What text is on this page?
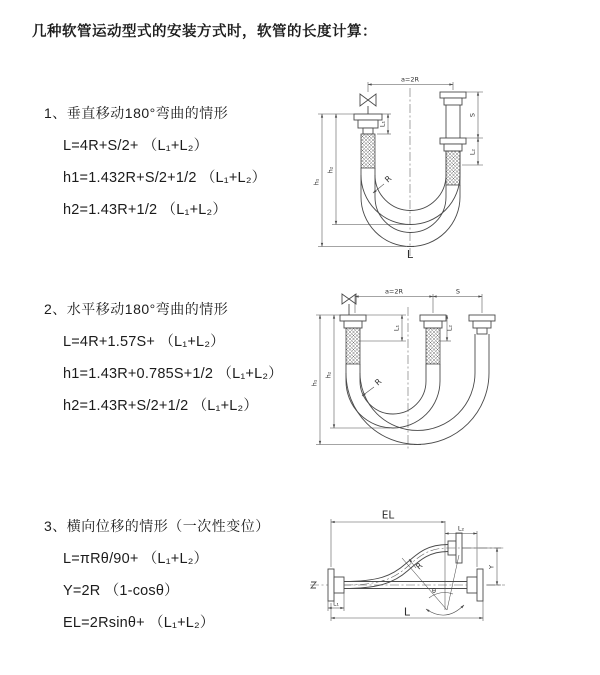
几种软管运动型式的安装方式时，软管的长度计算：
1、垂直移动180°弯曲的情形
L=4R+S/2+ （L₁+L₂）
h1=1.432R+S/2+1/2 （L₁+L₂）
h2=1.43R+1/2 （L₁+L₂）
a=2R
L₁
S
L₂
h₁
h₂
R
L
2、水平移动180°弯曲的情形
L=4R+1.57S+ （L₁+L₂）
h1=1.43R+0.785S+1/2 （L₁+L₂）
h2=1.43R+S/2+1/2 （L₁+L₂）
a=2R	S
L₁	L₂
h₁
h₂
R
3、横向位移的情形（一次性变位）
L=πRθ/90+ （L₁+L₂）
Y=2R （1-cosθ）
EL=2Rsinθ+ （L₁+L₂）
θ
R
EL
L₂
Y
L₁
L
